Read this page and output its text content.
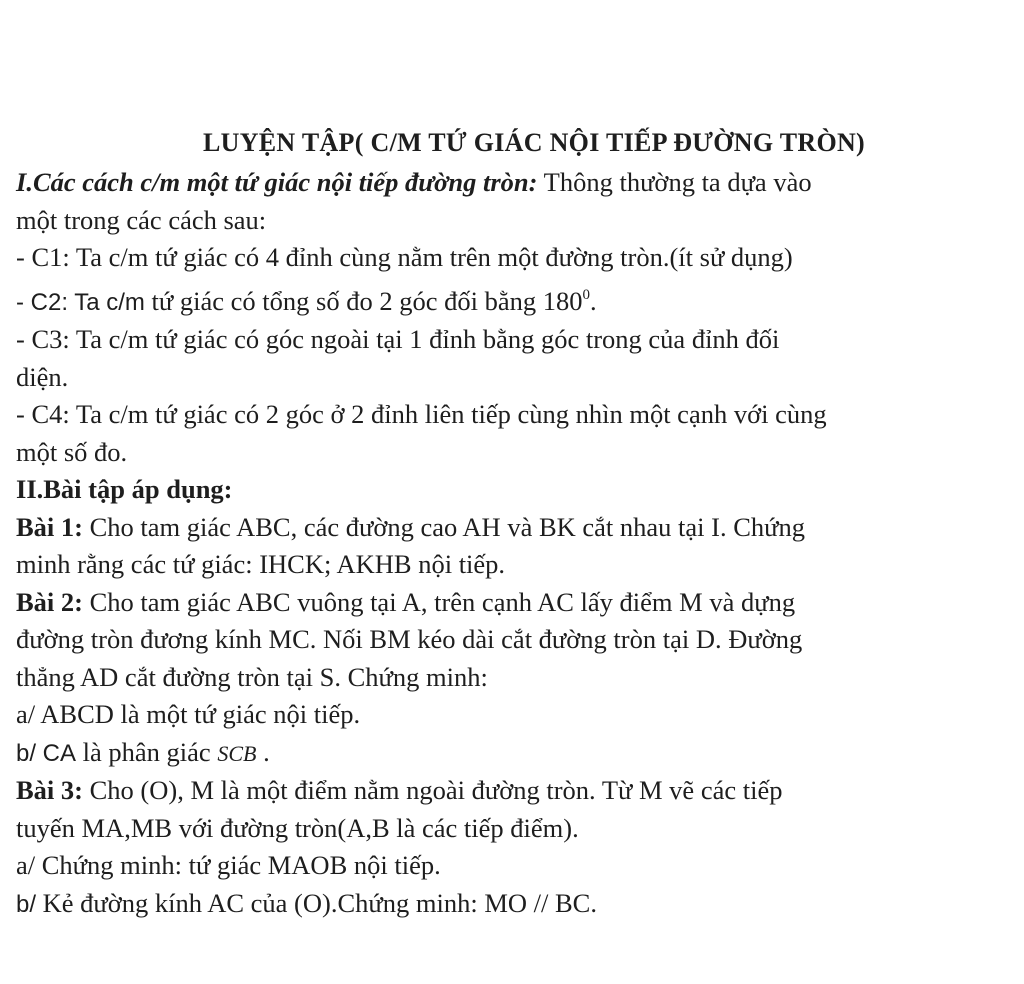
LUYỆN TẬP( C/M TỨ GIÁC NỘI TIẾP ĐƯỜNG TRÒN)

I.Các cách c/m một tứ giác nội tiếp đường tròn: Thông thường ta dựa vào

một trong các cách sau:

- C1: Ta c/m tứ giác có 4 đỉnh cùng nằm trên một đường tròn.(ít sử dụng)

- C2: Ta c/m tứ giác có tổng số đo 2 góc đối bằng $180^0$.

- C3: Ta c/m tứ giác có góc ngoài tại 1 đỉnh bằng góc trong của đỉnh đối

diện.

- C4: Ta c/m tứ giác có 2 góc ở 2 đỉnh liên tiếp cùng nhìn một cạnh với cùng

một số đo.

II.Bài tập áp dụng:

Bài 1: Cho tam giác ABC, các đường cao AH và BK cắt nhau tại I. Chứng

minh rằng các tứ giác: IHCK; AKHB nội tiếp.

Bài 2: Cho tam giác ABC vuông tại A, trên cạnh AC lấy điểm M và dựng

đường tròn đương kính MC. Nối BM kéo dài cắt đường tròn tại D. Đường

thẳng AD cắt đường tròn tại S. Chứng minh:

a/ ABCD là một tứ giác nội tiếp.

b/ CA là phân giác SCB .

Bài 3: Cho (O), M là một điểm nằm ngoài đường tròn. Từ M vẽ các tiếp

tuyến MA,MB với đường tròn(A,B là các tiếp điểm).

a/ Chứng minh: tứ giác MAOB nội tiếp.

b/ Kẻ đường kính AC của (O).Chứng minh: MO // BC.
